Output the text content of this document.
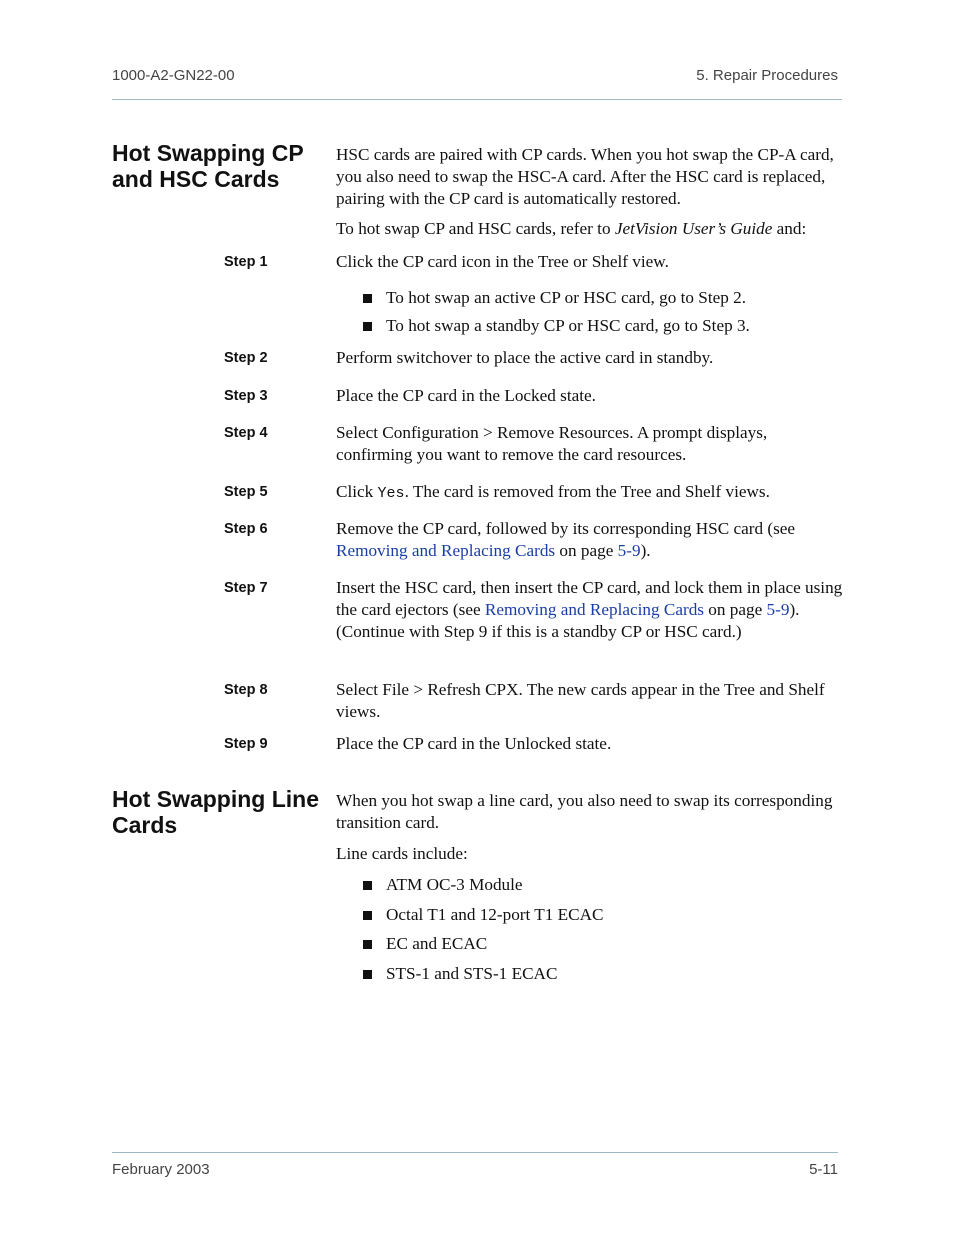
1000-A2-GN22-00	5. Repair Procedures
Hot Swapping CP and HSC Cards
HSC cards are paired with CP cards. When you hot swap the CP-A card, you also need to swap the HSC-A card. After the HSC card is replaced, pairing with the CP card is automatically restored.
To hot swap CP and HSC cards, refer to JetVision User’s Guide and:
Step 1	Click the CP card icon in the Tree or Shelf view.
To hot swap an active CP or HSC card, go to Step 2.
To hot swap a standby CP or HSC card, go to Step 3.
Step 2	Perform switchover to place the active card in standby.
Step 3	Place the CP card in the Locked state.
Step 4	Select Configuration > Remove Resources. A prompt displays, confirming you want to remove the card resources.
Step 5	Click Yes. The card is removed from the Tree and Shelf views.
Step 6	Remove the CP card, followed by its corresponding HSC card (see Removing and Replacing Cards on page 5-9).
Step 7	Insert the HSC card, then insert the CP card, and lock them in place using the card ejectors (see Removing and Replacing Cards on page 5-9). (Continue with Step 9 if this is a standby CP or HSC card.)
Step 8	Select File > Refresh CPX. The new cards appear in the Tree and Shelf views.
Step 9	Place the CP card in the Unlocked state.
Hot Swapping Line Cards
When you hot swap a line card, you also need to swap its corresponding transition card.
Line cards include:
ATM OC-3 Module
Octal T1 and 12-port T1 ECAC
EC and ECAC
STS-1 and STS-1 ECAC
February 2003	5-11
